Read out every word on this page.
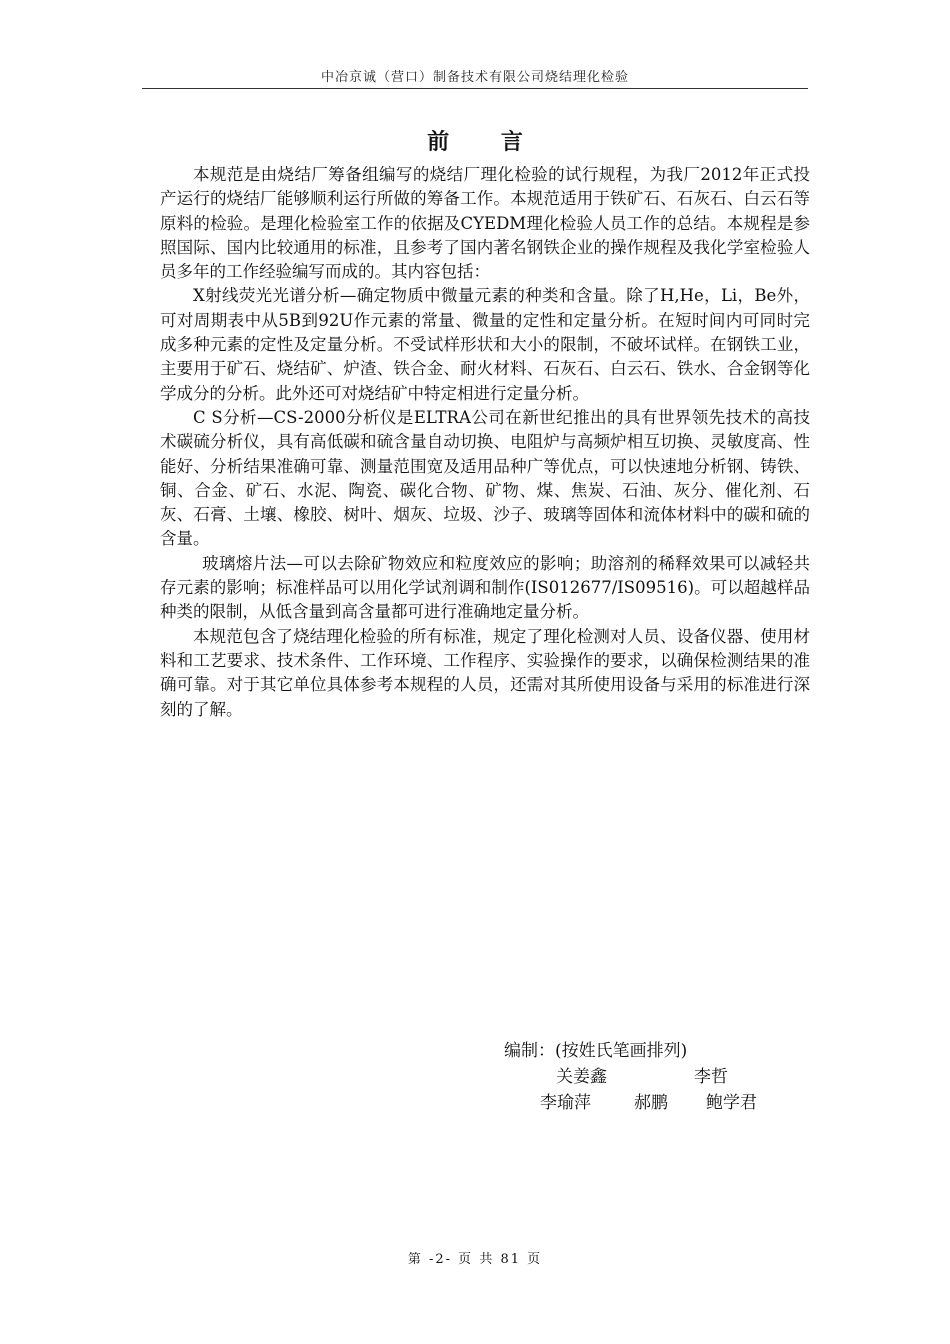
中冶京诚（营口）制备技术有限公司烧结理化检验
前 言

本规范是由烧结厂筹备组编写的烧结厂理化检验的试行规程，为我厂2012年正式投产运行的烧结厂能够顺利运行所做的筹备工作。本规范适用于铁矿石、石灰石、白云石等原料的检验。是理化检验室工作的依据及CYEDM理化检验人员工作的总结。本规程是参照国际、国内比较通用的标准，且参考了国内著名钢铁企业的操作规程及我化学室检验人员多年的工作经验编写而成的。其内容包括：

X射线荧光光谱分析—确定物质中微量元素的种类和含量。除了H,He，Li，Be外，可对周期表中从5B到92U作元素的常量、微量的定性和定量分析。在短时间内可同时完成多种元素的定性及定量分析。不受试样形状和大小的限制，不破坏试样。在钢铁工业，主要用于矿石、烧结矿、炉渣、铁合金、耐火材料、石灰石、白云石、铁水、合金钢等化学成分的分析。此外还可对烧结矿中特定相进行定量分析。

C S分析—CS-2000分析仪是ELTRA公司在新世纪推出的具有世界领先技术的高技术碳硫分析仪，具有高低碳和硫含量自动切换、电阻炉与高频炉相互切换、灵敏度高、性能好、分析结果准确可靠、测量范围宽及适用品种广等优点，可以快速地分析钢、铸铁、铜、合金、矿石、水泥、陶瓷、碳化合物、矿物、煤、焦炭、石油、灰分、催化剂、石灰、石膏、土壤、橡胶、树叶、烟灰、垃圾、沙子、玻璃等固体和流体材料中的碳和硫的含量。

玻璃熔片法—可以去除矿物效应和粒度效应的影响；助溶剂的稀释效果可以减轻共存元素的影响；标准样品可以用化学试剂调和制作(IS012677/IS09516)。可以超越样品种类的限制，从低含量到高含量都可进行准确地定量分析。

本规范包含了烧结理化检验的所有标准，规定了理化检测对人员、设备仪器、使用材料和工艺要求、技术条件、工作环境、工作程序、实验操作的要求，以确保检测结果的准确可靠。对于其它单位具体参考本规程的人员，还需对其所使用设备与采用的标准进行深刻的了解。

编制：(按姓氏笔画排列)
关姜鑫	李哲
李瑜萍	郝鹏 鲍学君
第 -2- 页 共 81 页
